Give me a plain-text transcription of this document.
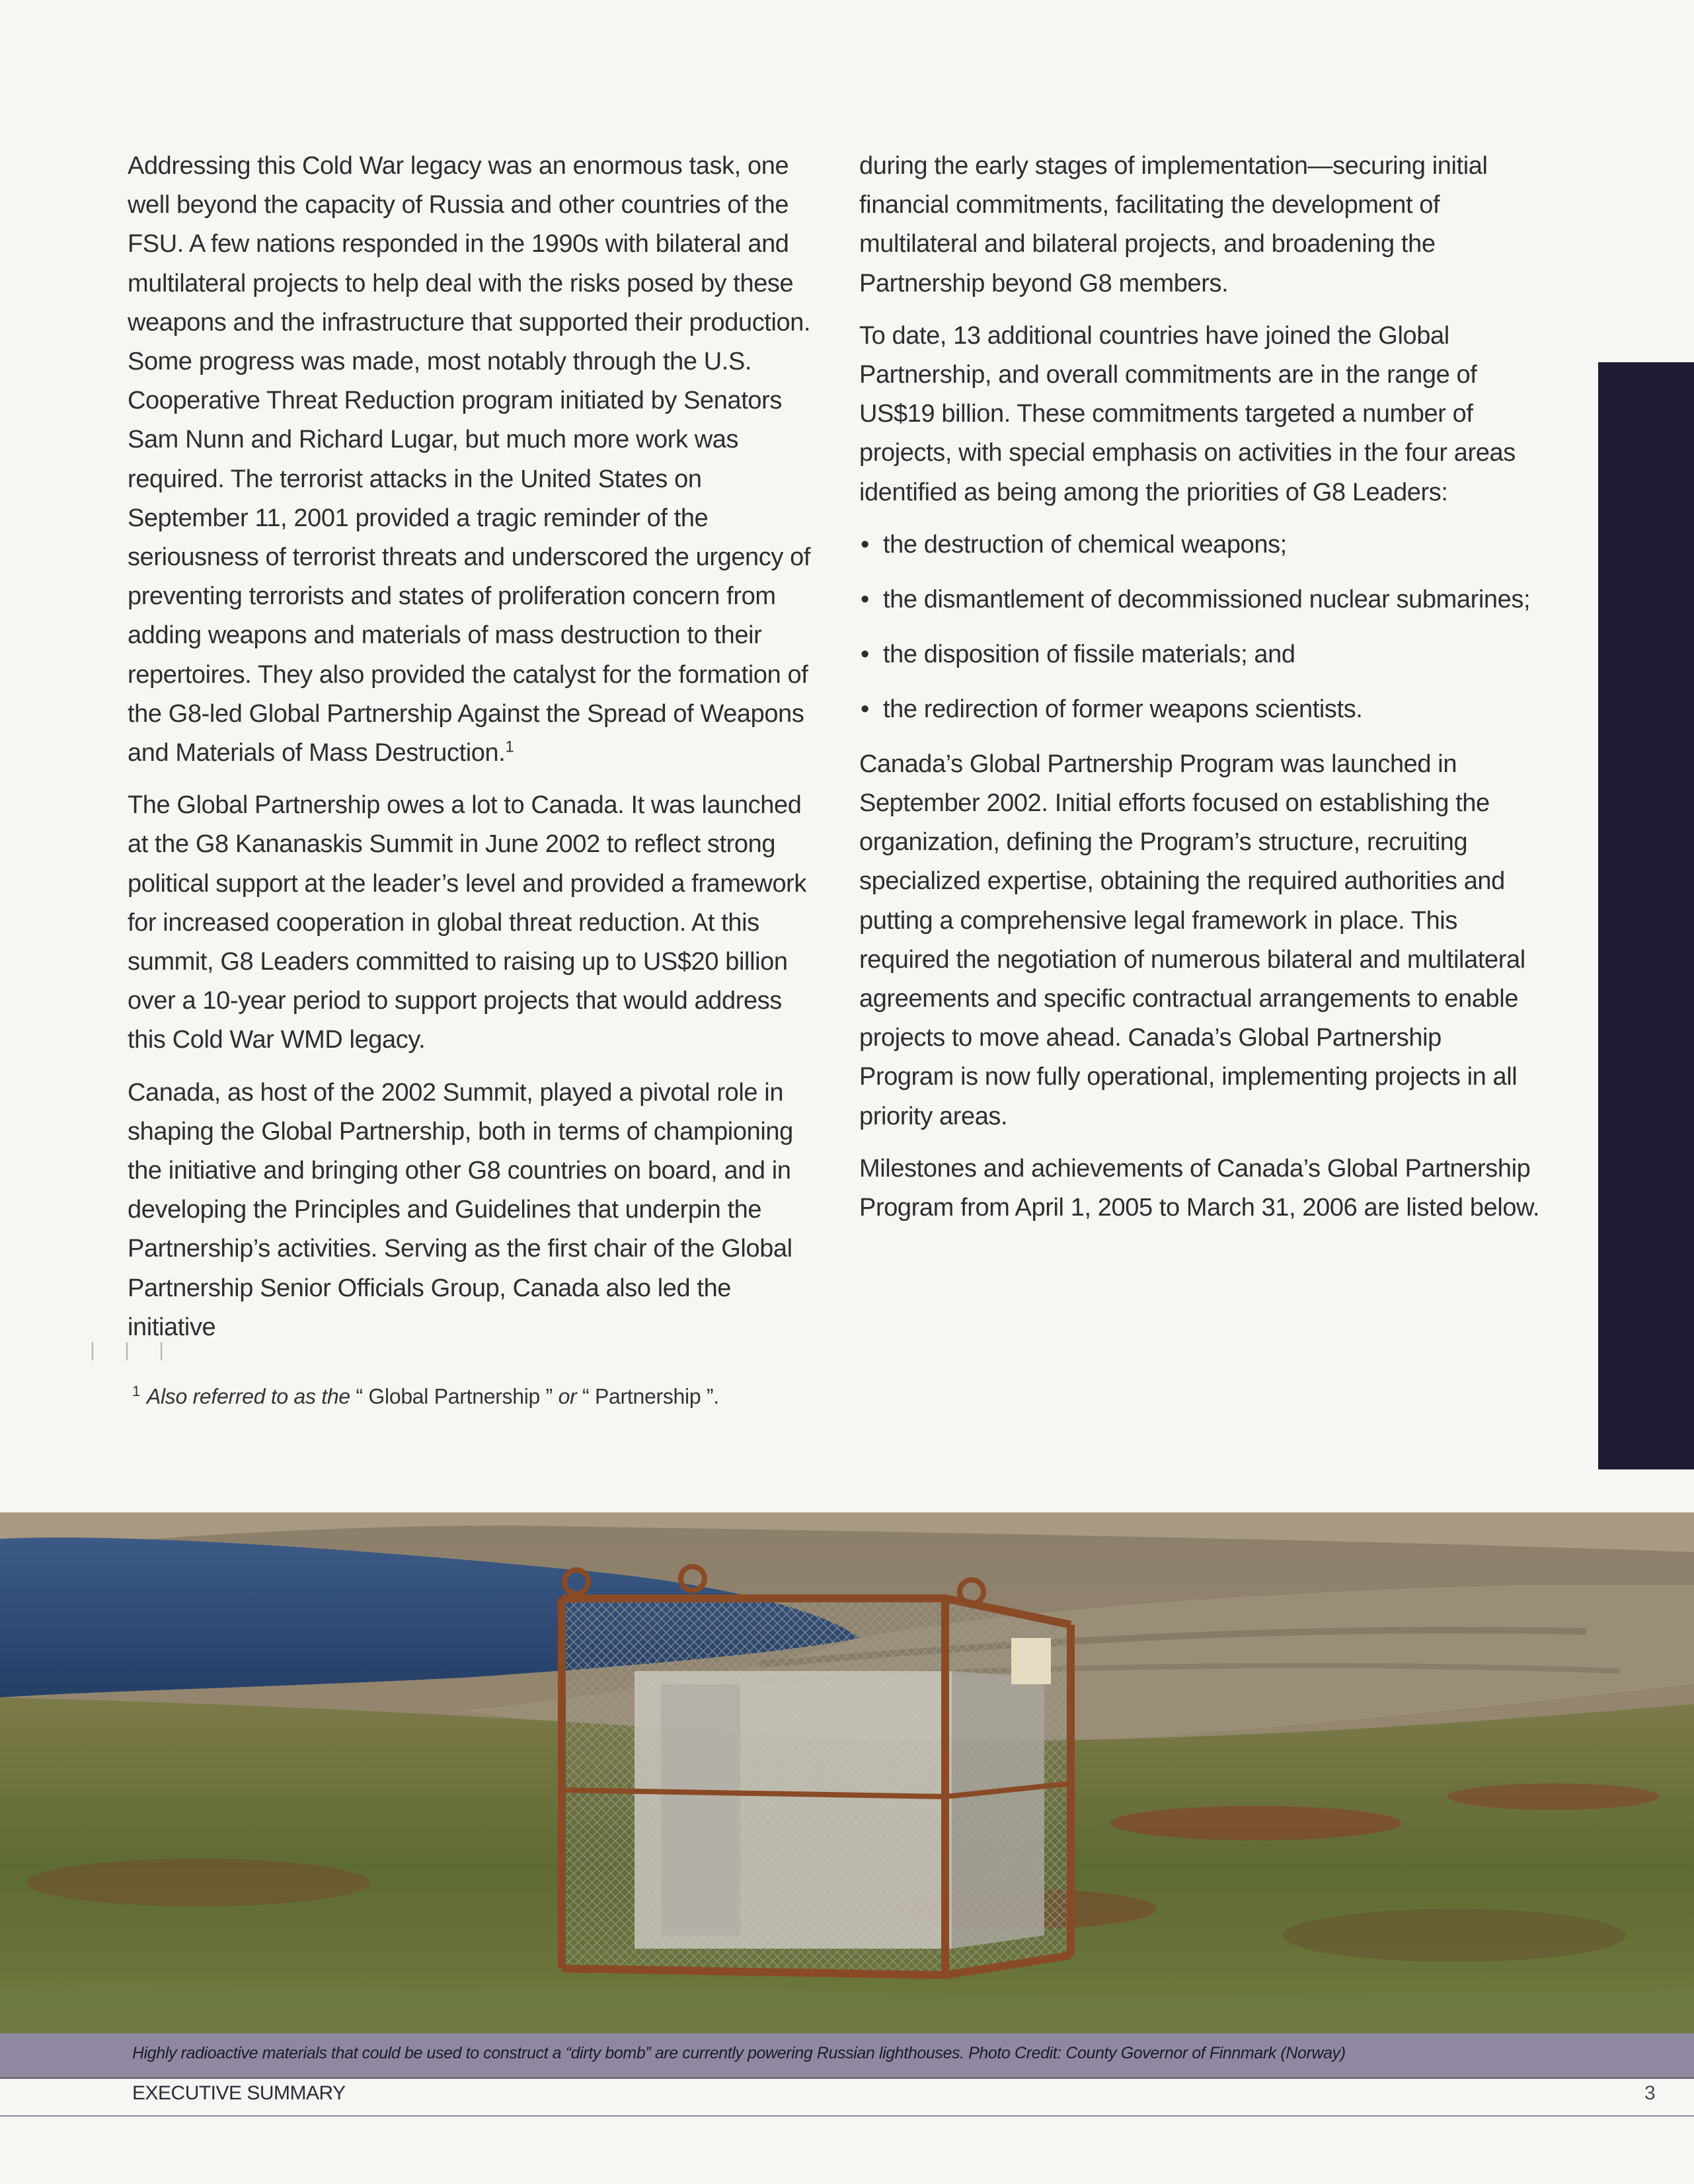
Addressing this Cold War legacy was an enormous task, one well beyond the capacity of Russia and other countries of the FSU. A few nations responded in the 1990s with bilateral and multilateral projects to help deal with the risks posed by these weapons and the infrastructure that supported their production. Some progress was made, most notably through the U.S. Cooperative Threat Reduction program initiated by Senators Sam Nunn and Richard Lugar, but much more work was required. The terrorist attacks in the United States on September 11, 2001 provided a tragic reminder of the seriousness of terrorist threats and underscored the urgency of preventing terrorists and states of proliferation concern from adding weapons and materials of mass destruction to their repertoires. They also provided the catalyst for the formation of the G8-led Global Partnership Against the Spread of Weapons and Materials of Mass Destruction.$^1$

The Global Partnership owes a lot to Canada. It was launched at the G8 Kananaskis Summit in June 2002 to reflect strong political support at the leader’s level and provided a framework for increased cooperation in global threat reduction. At this summit, G8 Leaders committed to raising up to US$20 billion over a 10-year period to support projects that would address this Cold War WMD legacy.

Canada, as host of the 2002 Summit, played a pivotal role in shaping the Global Partnership, both in terms of championing the initiative and bringing other G8 countries on board, and in developing the Principles and Guidelines that underpin the Partnership’s activities. Serving as the first chair of the Global Partnership Senior Officials Group, Canada also led the initiative

during the early stages of implementation—securing initial financial commitments, facilitating the development of multilateral and bilateral projects, and broadening the Partnership beyond G8 members.

To date, 13 additional countries have joined the Global Partnership, and overall commitments are in the range of US$19 billion. These commitments targeted a number of projects, with special emphasis on activities in the four areas identified as being among the priorities of G8 Leaders:

• the destruction of chemical weapons;
• the dismantlement of decommissioned nuclear submarines;
• the disposition of fissile materials; and
• the redirection of former weapons scientists.

Canada’s Global Partnership Program was launched in September 2002. Initial efforts focused on establishing the organization, defining the Program’s structure, recruiting specialized expertise, obtaining the required authorities and putting a comprehensive legal framework in place. This required the negotiation of numerous bilateral and multilateral agreements and specific contractual arrangements to enable projects to move ahead. Canada’s Global Partnership Program is now fully operational, implementing projects in all priority areas.

Milestones and achievements of Canada’s Global Partnership Program from April 1, 2005 to March 31, 2006 are listed below.

| | |
$^1$ Also referred to as the “ Global Partnership ” or “ Partnership ”.
Highly radioactive materials that could be used to construct a “dirty bomb” are currently powering Russian lighthouses. Photo Credit: County Governor of Finnmark (Norway)
EXECUTIVE SUMMARY	3
